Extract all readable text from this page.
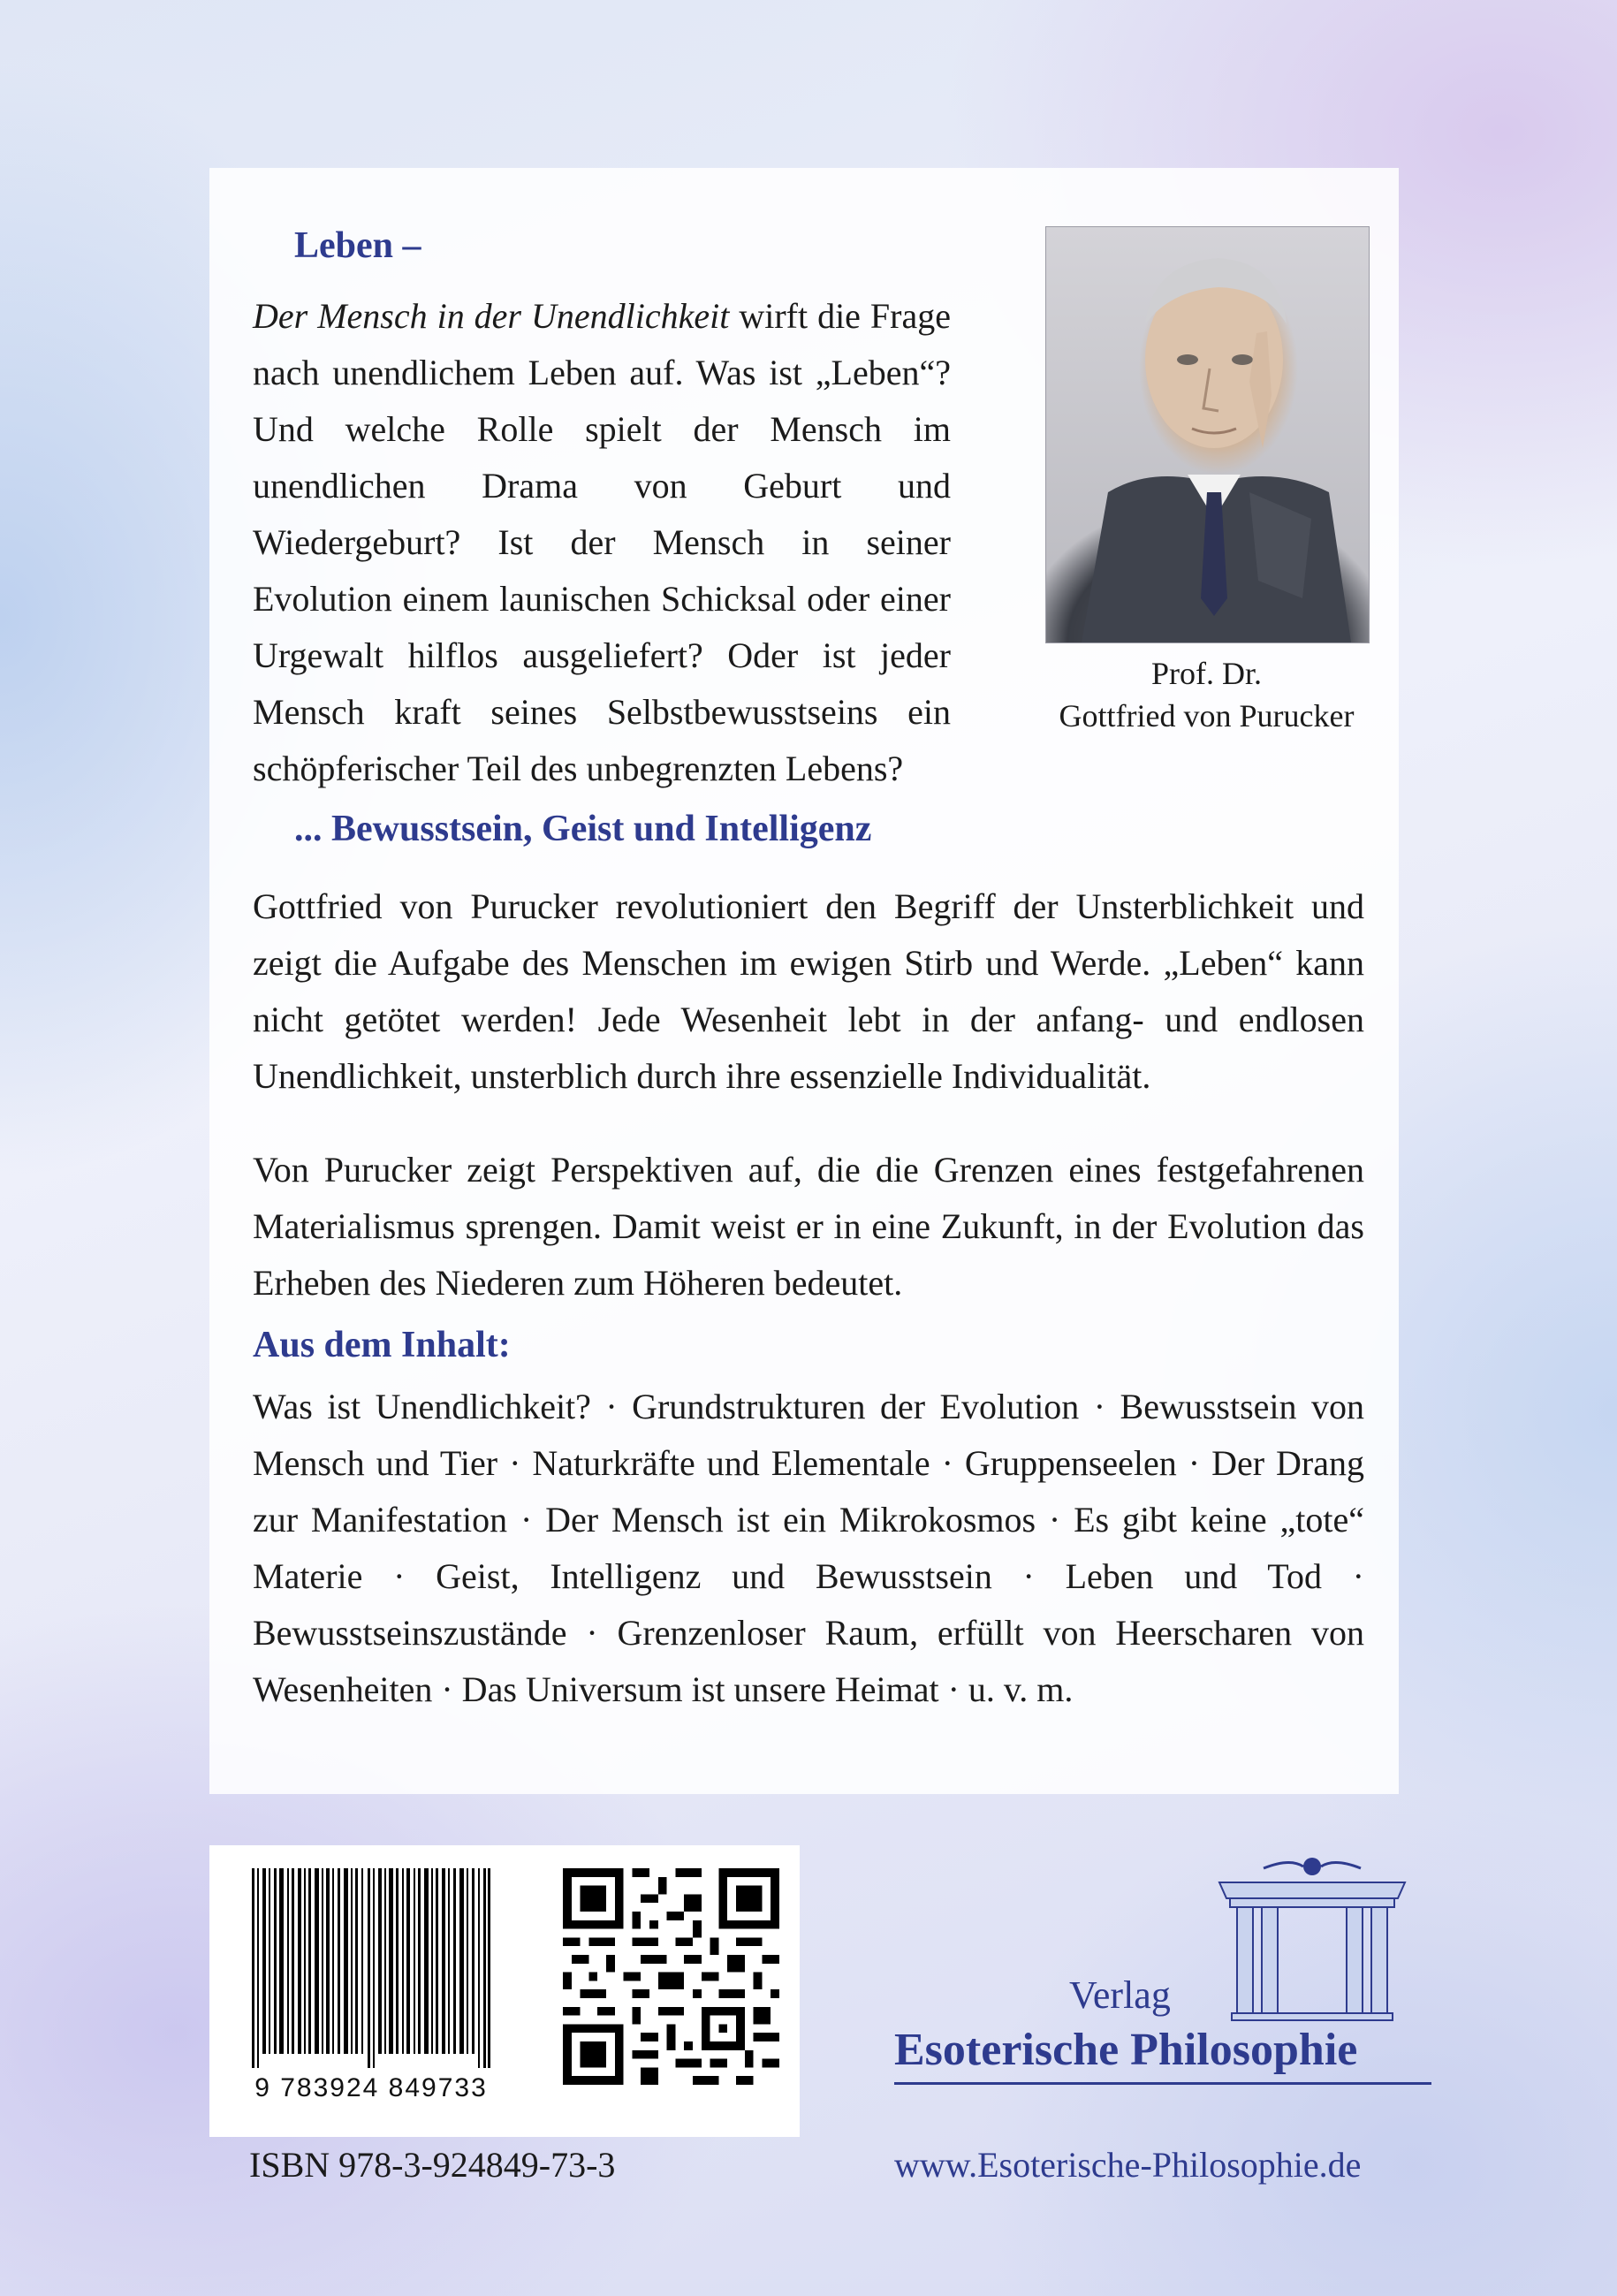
Leben –

Der Mensch in der Unendlichkeit wirft die Frage nach unendlichem Leben auf. Was ist „Leben“? Und welche Rolle spielt der Mensch im unendlichen Drama von Geburt und Wiedergeburt? Ist der Mensch in seiner Evolution einem launischen Schicksal oder einer Urgewalt hilflos ausgeliefert? Oder ist jeder Mensch kraft seines Selbstbewusstseins ein schöpferischer Teil des unbegrenzten Lebens?

Prof. Dr.

Gottfried von Purucker

... Bewusstsein, Geist und Intelligenz

Gottfried von Purucker revolutioniert den Begriff der Unsterblichkeit und zeigt die Aufgabe des Menschen im ewigen Stirb und Werde. „Leben“ kann nicht getötet werden! Jede Wesenheit lebt in der anfang- und endlosen Unendlichkeit, unsterblich durch ihre essenzielle Individualität.

Von Purucker zeigt Perspektiven auf, die die Grenzen eines festgefahrenen Materialismus sprengen. Damit weist er in eine Zukunft, in der Evolution das Erheben des Niederen zum Höheren bedeutet.

Aus dem Inhalt:

Was ist Unendlichkeit? · Grundstrukturen der Evolution · Bewusstsein von Mensch und Tier · Naturkräfte und Elementale · Gruppenseelen · Der Drang zur Manifestation · Der Mensch ist ein Mikrokosmos · Es gibt keine „tote“ Materie · Geist, Intelligenz und Bewusstsein · Leben und Tod · Bewusstseinszustände · Grenzenloser Raum, erfüllt von Heerscharen von Wesenheiten · Das Universum ist unsere Heimat · u. v. m.

9 783924 849733

ISBN 978-3-924849-73-3

Verlag

Esoterische Philosophie

www.Esoterische-Philosophie.de
